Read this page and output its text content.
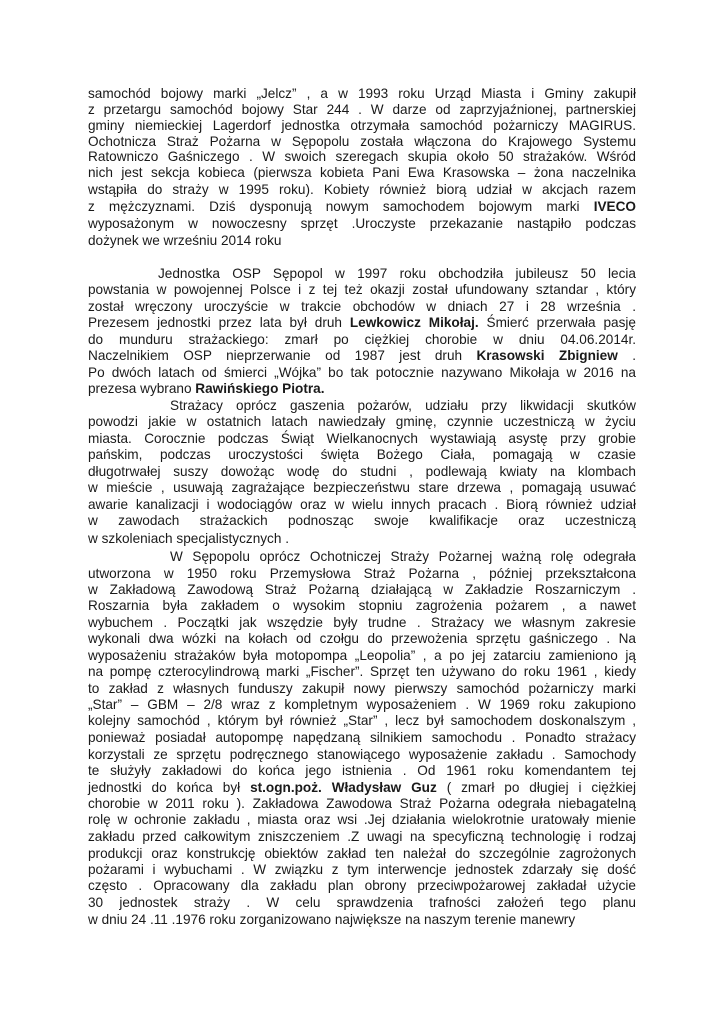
samochód bojowy marki „Jelcz” , a w 1993 roku Urząd Miasta i Gminy zakupił
z przetargu samochód bojowy Star 244 . W darze od zaprzyjaźnionej, partnerskiej
gminy niemieckiej Lagerdorf jednostka otrzymała samochód pożarniczy MAGIRUS.
Ochotnicza Straż Pożarna w Sępopolu została włączona do Krajowego Systemu
Ratowniczo Gaśniczego . W swoich szeregach skupia około 50 strażaków. Wśród
nich jest sekcja kobieca (pierwsza kobieta Pani Ewa Krasowska – żona naczelnika
wstąpiła do straży w 1995 roku). Kobiety również biorą udział w akcjach razem
z mężczyznami. Dziś dysponują nowym samochodem bojowym marki IVECO
wyposażonym w nowoczesny sprzęt .Uroczyste przekazanie nastąpiło podczas
dożynek we wrześniu 2014 roku
Jednostka OSP Sępopol w 1997 roku obchodziła jubileusz 50 lecia
powstania w powojennej Polsce i z tej też okazji został ufundowany sztandar , który
został wręczony uroczyście w trakcie obchodów w dniach 27 i 28 września .
Prezesem jednostki przez lata był druh Lewkowicz Mikołaj. Śmierć przerwała pasję
do munduru strażackiego: zmarł po ciężkiej chorobie w dniu 04.06.2014r.
Naczelnikiem OSP nieprzerwanie od 1987 jest druh Krasowski Zbigniew .
Po dwóch latach od śmierci „Wójka” bo tak potocznie nazywano Mikołaja w 2016 na
prezesa wybrano Rawińskiego Piotra.
Strażacy oprócz gaszenia pożarów, udziału przy likwidacji skutków
powodzi jakie w ostatnich latach nawiedzały gminę, czynnie uczestniczą w życiu
miasta. Corocznie podczas Świąt Wielkanocnych wystawiają asystę przy grobie
pańskim, podczas uroczystości święta Bożego Ciała, pomagają w czasie
długotrwałej suszy dowożąc wodę do studni , podlewają kwiaty na klombach
w mieście , usuwają zagrażające bezpieczeństwu stare drzewa , pomagają usuwać
awarie kanalizacji i wodociągów oraz w wielu innych pracach . Biorą również udział
w zawodach strażackich podnosząc swoje kwalifikacje oraz uczestniczą
w szkoleniach specjalistycznych .
W Sępopolu oprócz Ochotniczej Straży Pożarnej ważną rolę odegrała
utworzona w 1950 roku Przemysłowa Straż Pożarna , później przekształcona
w Zakładową Zawodową Straż Pożarną działającą w Zakładzie Roszarniczym .
Roszarnia była zakładem o wysokim stopniu zagrożenia pożarem , a nawet
wybuchem . Początki jak wszędzie były trudne . Strażacy we własnym zakresie
wykonali dwa wózki na kołach od czołgu do przewożenia sprzętu gaśniczego . Na
wyposażeniu strażaków była motopompa „Leopolia” , a po jej zatarciu zamieniono ją
na pompę czterocylindrową marki „Fischer”. Sprzęt ten używano do roku 1961 , kiedy
to zakład z własnych funduszy zakupił nowy pierwszy samochód pożarniczy marki
„Star” – GBM – 2/8 wraz z kompletnym wyposażeniem . W 1969 roku zakupiono
kolejny samochód , którym był również „Star” , lecz był samochodem doskonalszym ,
ponieważ posiadał autopompę napędzaną silnikiem samochodu . Ponadto strażacy
korzystali ze sprzętu podręcznego stanowiącego wyposażenie zakładu . Samochody
te służyły zakładowi do końca jego istnienia . Od 1961 roku komendantem tej
jednostki do końca był st.ogn.poż. Władysław Guz ( zmarł po długiej i ciężkiej
chorobie w 2011 roku ). Zakładowa Zawodowa Straż Pożarna odegrała niebagatelną
rolę w ochronie zakładu , miasta oraz wsi .Jej działania wielokrotnie uratowały mienie
zakładu przed całkowitym zniszczeniem .Z uwagi na specyficzną technologię i rodzaj
produkcji oraz konstrukcję obiektów zakład ten należał do szczególnie zagrożonych
pożarami i wybuchami . W związku z tym interwencje jednostek zdarzały się dość
często . Opracowany dla zakładu plan obrony przeciwpożarowej zakładał użycie
30 jednostek straży . W celu sprawdzenia trafności założeń tego planu
w dniu 24 .11 .1976 roku zorganizowano największe na naszym terenie manewry
